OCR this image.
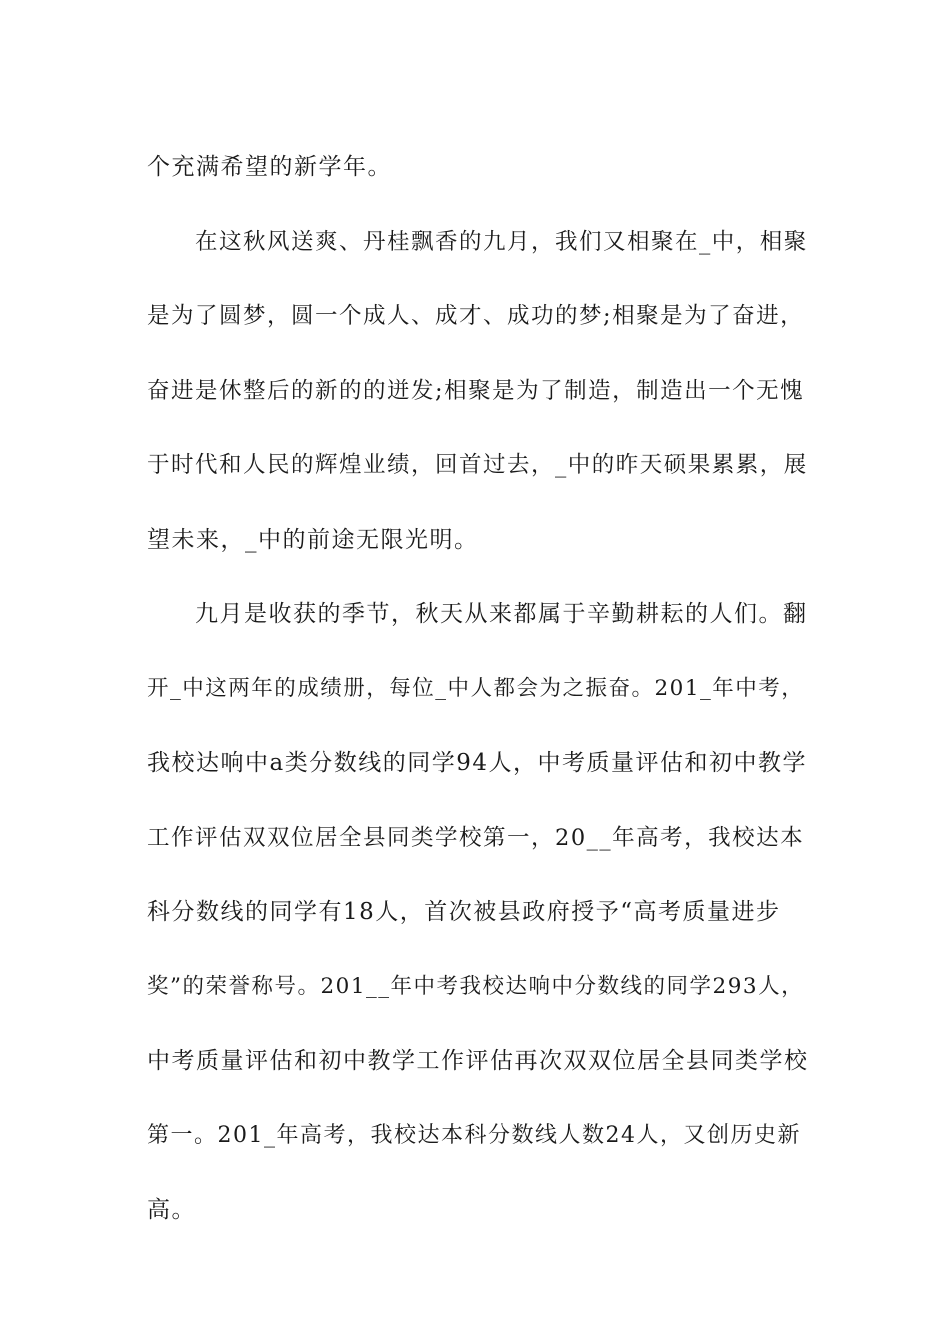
个充满希望的新学年。
在这秋风送爽、丹桂飘香的九月，我们又相聚在_中，相聚
是为了圆梦，圆一个成人、成才、成功的梦;相聚是为了奋进，
奋进是休整后的新的的迸发;相聚是为了制造，制造出一个无愧
于时代和人民的辉煌业绩，回首过去，_中的昨天硕果累累，展
望未来，_中的前途无限光明。
九月是收获的季节，秋天从来都属于辛勤耕耘的人们。翻
开_中这两年的成绩册，每位_中人都会为之振奋。201_年中考，
我校达响中a类分数线的同学94人，中考质量评估和初中教学
工作评估双双位居全县同类学校第一，20__年高考，我校达本
科分数线的同学有18人，首次被县政府授予“高考质量进步
奖”的荣誉称号。201__年中考我校达响中分数线的同学293人，
中考质量评估和初中教学工作评估再次双双位居全县同类学校
第一。201_年高考，我校达本科分数线人数24人，又创历史新
高。
